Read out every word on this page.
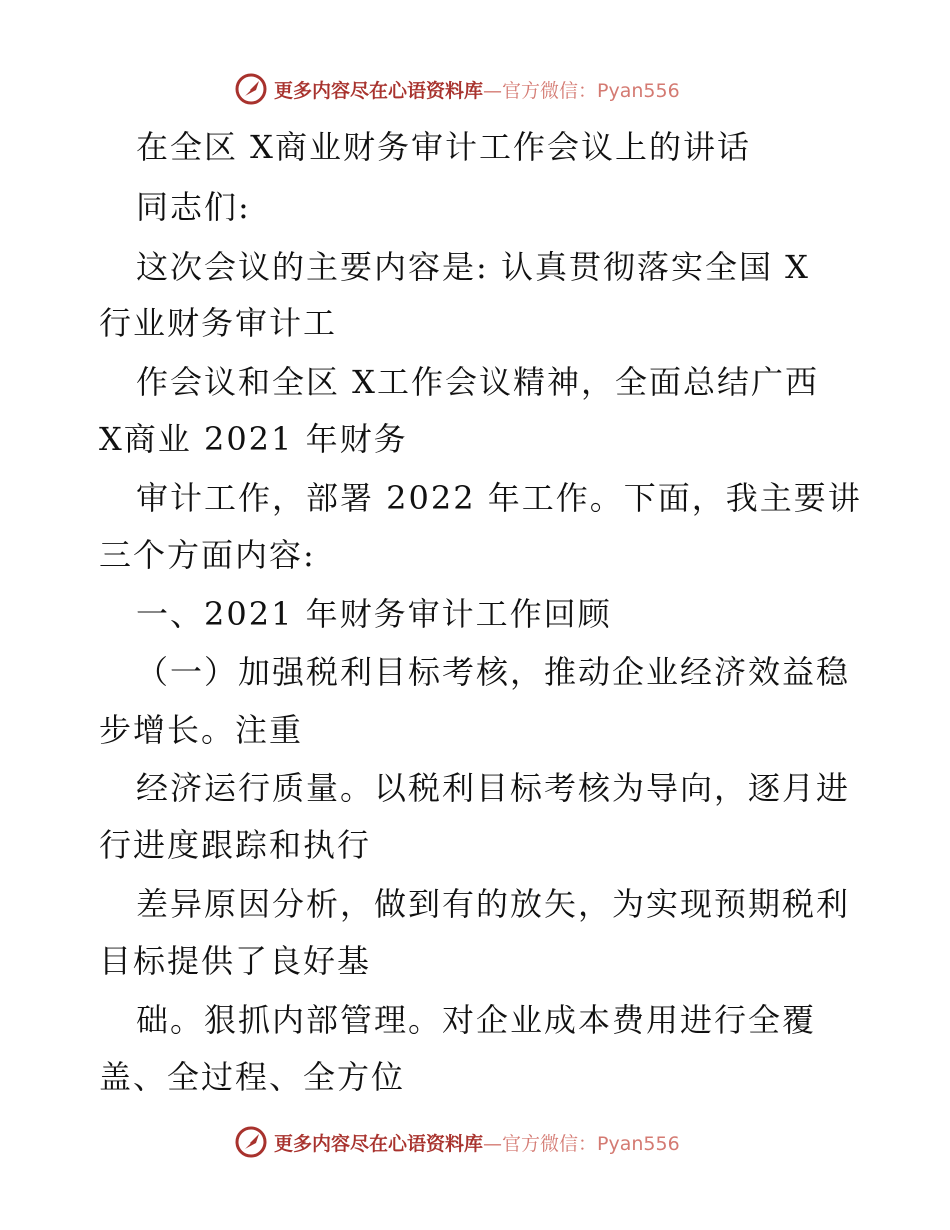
更多内容尽在心语资料库 —官方微信：Pyan556
在全区 X商业财务审计工作会议上的讲话
同志们:
这次会议的主要内容是: 认真贯彻落实全国 X
行业财务审计工
作会议和全区 X工作会议精神，全面总结广西
X商业 2021 年财务
审计工作，部署 2022 年工作。下面，我主要讲
三个方面内容:
一、2021 年财务审计工作回顾
（一）加强税利目标考核，推动企业经济效益稳
步增长。注重
经济运行质量。以税利目标考核为导向，逐月进
行进度跟踪和执行
差异原因分析，做到有的放矢，为实现预期税利
目标提供了良好基
础。狠抓内部管理。对企业成本费用进行全覆
盖、全过程、全方位
更多内容尽在心语资料库 —官方微信：Pyan556
